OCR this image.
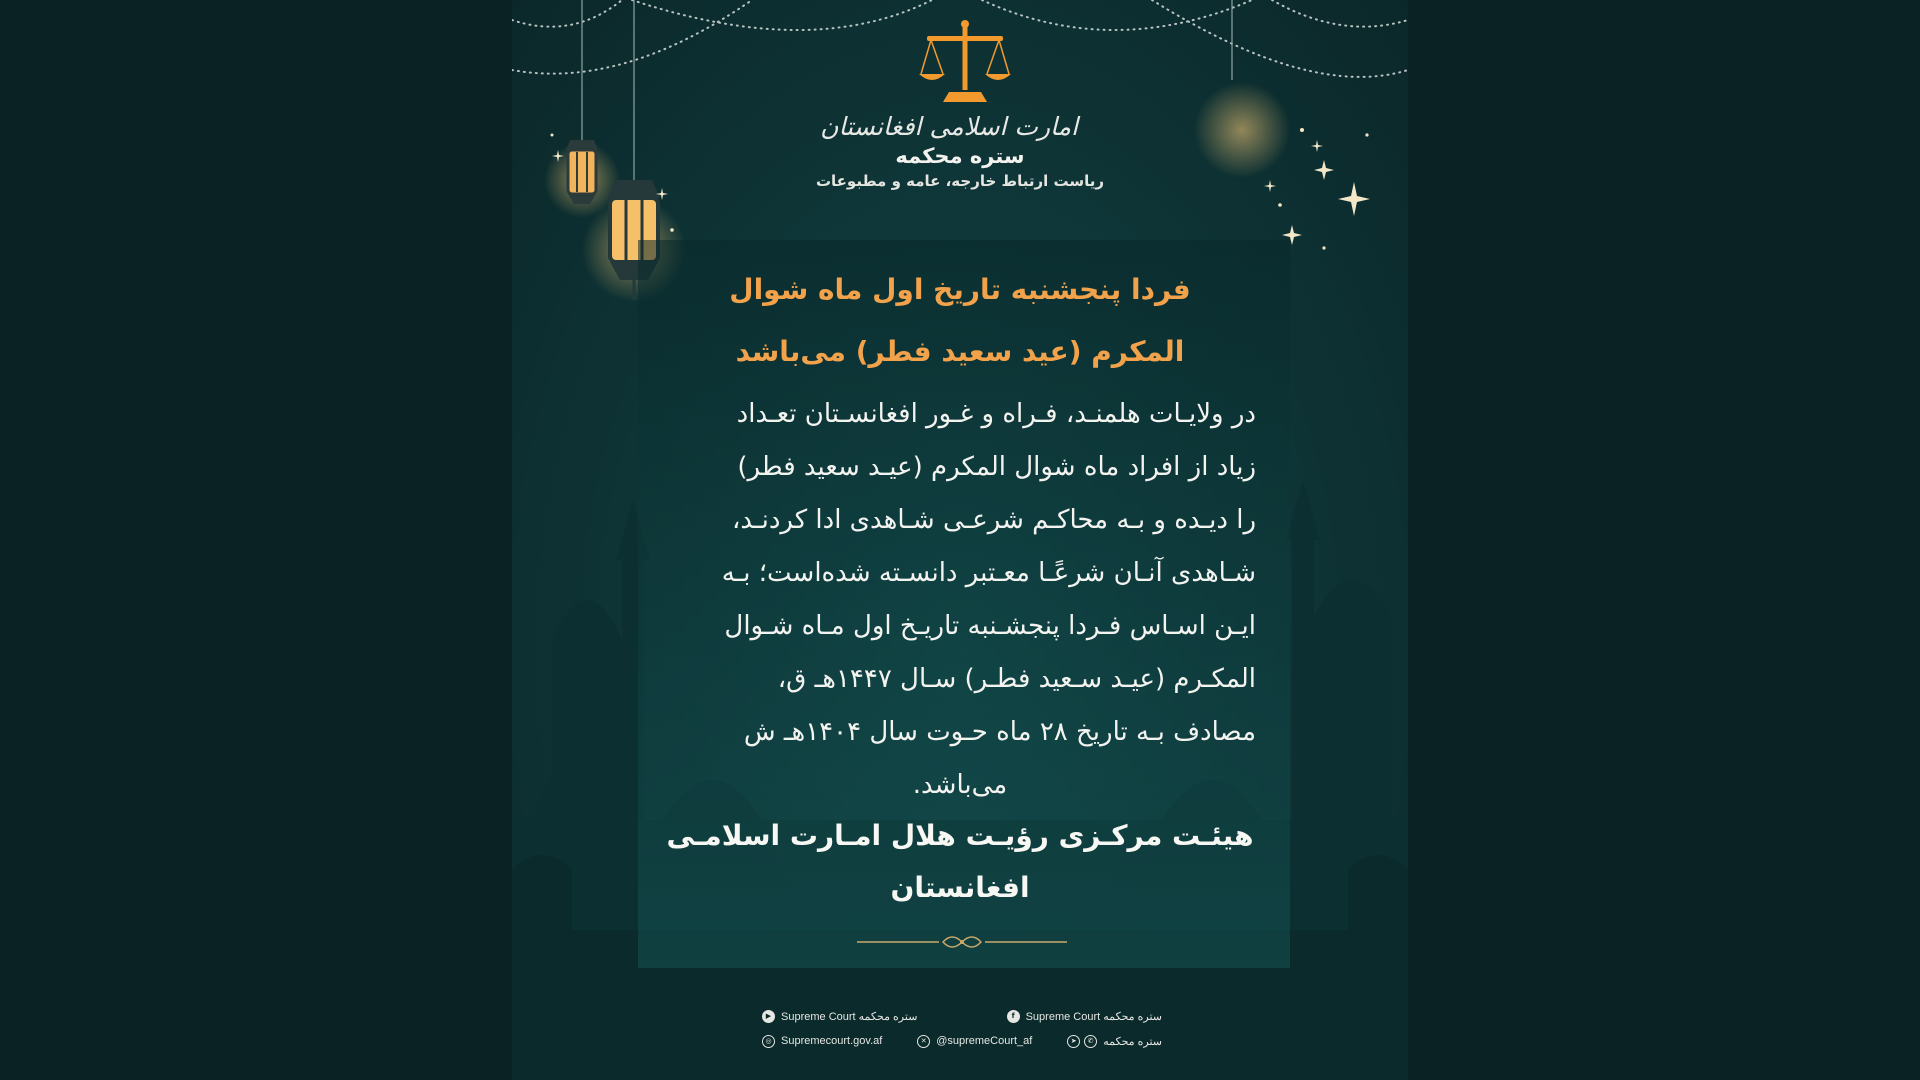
امارت اسلامی افغانستان
ستره محکمه
ریاست ارتباط خارجه، عامه و مطبوعات
فردا پنجشنبه تاریخ اول ماه شوال
المکرم (عید سعید فطر) می‌باشد
در ولایـات هلمنـد، فـراه و غـور افغانسـتان تعـداد
زیاد از افراد ماه شوال المکرم (عیـد سعید فطر)
را دیـده و بـه محاکـم شرعـی شـاهدی ادا کردنـد،
شـاهدی آنـان شرعًـا معـتبر دانسـته شده‌است؛ بـه
ایـن اسـاس فـردا پنجشـنبه تاریـخ اول مـاه شـوال
المکـرم (عیـد سـعید فطـر) سـال ۱۴۴۷هـ ق،
مصادف بـه تاریخ ۲۸ ماه حـوت سال ۱۴۰۴هـ ش
می‌باشد.
هیئـت مرکـزی رؤیـت هلال امـارت اسلامـی
افغانستان
▶ Supreme Court ستره محکمه	f Supreme Court ستره محکمه
◎ Supremecourt.gov.af	✕ @supremeCourt_af	➤	✆ ستره محکمه
